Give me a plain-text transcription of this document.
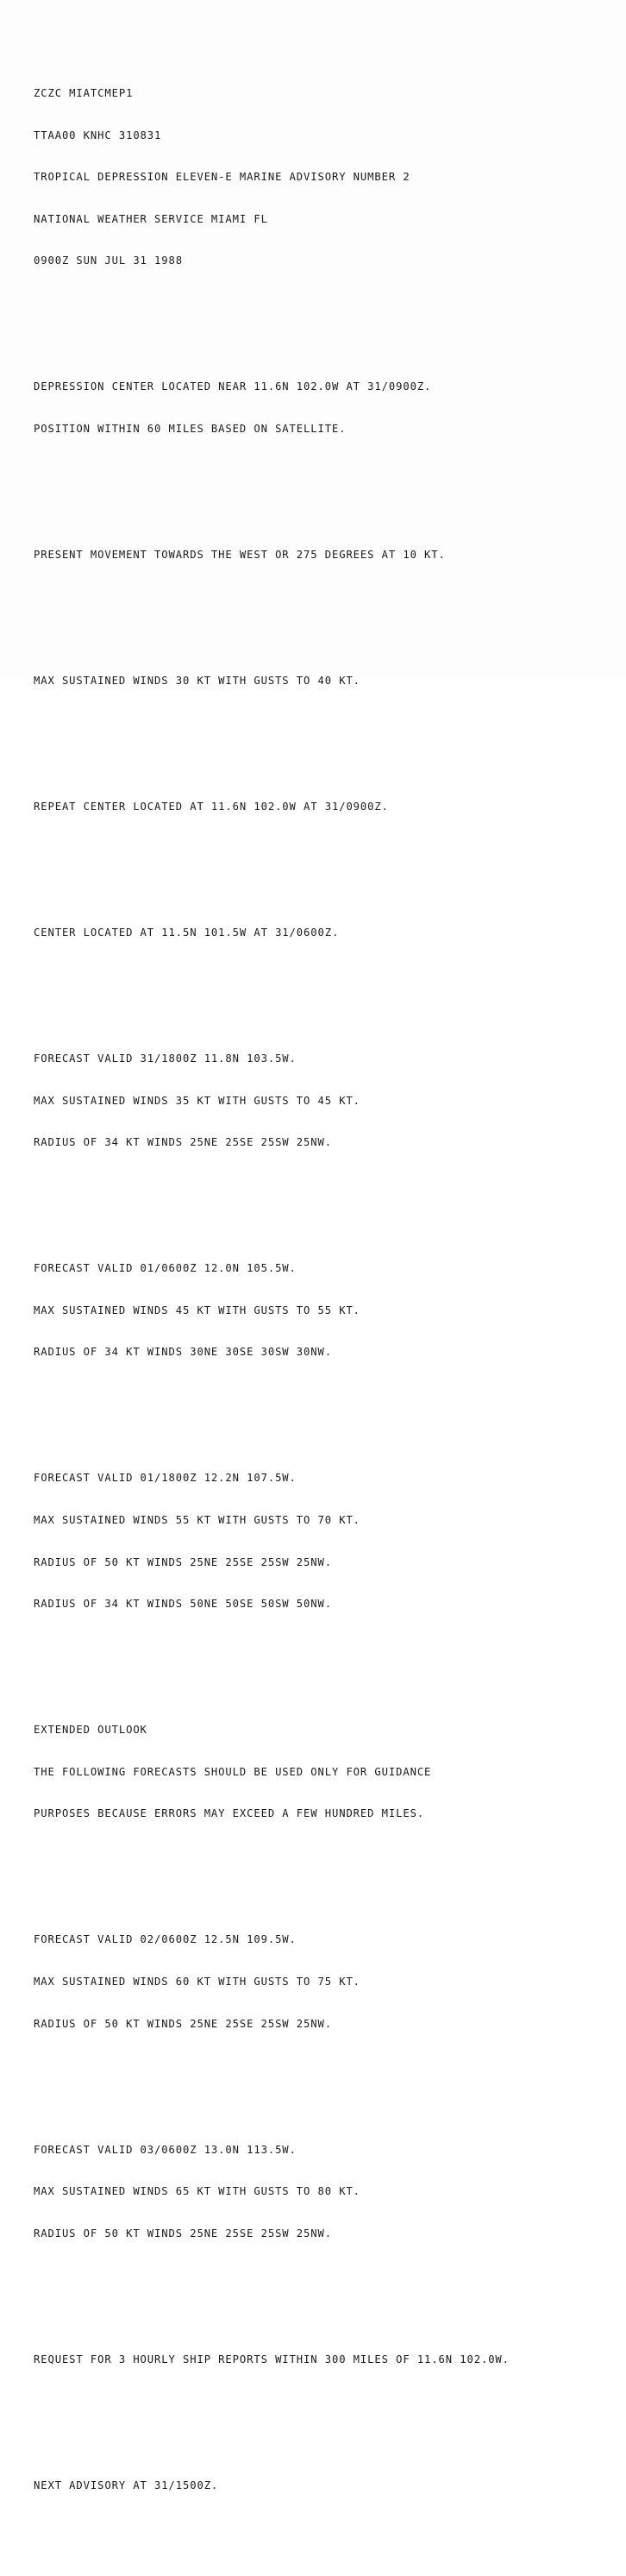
ZCZC MIATCMEP1

TTAA00 KNHC 310831

TROPICAL DEPRESSION ELEVEN-E MARINE ADVISORY NUMBER 2

NATIONAL WEATHER SERVICE MIAMI FL

0900Z SUN JUL 31 1988

DEPRESSION CENTER LOCATED NEAR 11.6N 102.0W AT 31/0900Z.

POSITION WITHIN 60 MILES BASED ON SATELLITE.

PRESENT MOVEMENT TOWARDS THE WEST OR 275 DEGREES AT 10 KT.

MAX SUSTAINED WINDS 30 KT WITH GUSTS TO 40 KT.

REPEAT CENTER LOCATED AT 11.6N 102.0W AT 31/0900Z.

CENTER LOCATED AT 11.5N 101.5W AT 31/0600Z.

FORECAST VALID 31/1800Z 11.8N 103.5W.

MAX SUSTAINED WINDS 35 KT WITH GUSTS TO 45 KT.

RADIUS OF 34 KT WINDS 25NE 25SE 25SW 25NW.

FORECAST VALID 01/0600Z 12.0N 105.5W.

MAX SUSTAINED WINDS 45 KT WITH GUSTS TO 55 KT.

RADIUS OF 34 KT WINDS 30NE 30SE 30SW 30NW.

FORECAST VALID 01/1800Z 12.2N 107.5W.

MAX SUSTAINED WINDS 55 KT WITH GUSTS TO 70 KT.

RADIUS OF 50 KT WINDS 25NE 25SE 25SW 25NW.

RADIUS OF 34 KT WINDS 50NE 50SE 50SW 50NW.

EXTENDED OUTLOOK

THE FOLLOWING FORECASTS SHOULD BE USED ONLY FOR GUIDANCE

PURPOSES BECAUSE ERRORS MAY EXCEED A FEW HUNDRED MILES.

FORECAST VALID 02/0600Z 12.5N 109.5W.

MAX SUSTAINED WINDS 60 KT WITH GUSTS TO 75 KT.

RADIUS OF 50 KT WINDS 25NE 25SE 25SW 25NW.

FORECAST VALID 03/0600Z 13.0N 113.5W.

MAX SUSTAINED WINDS 65 KT WITH GUSTS TO 80 KT.

RADIUS OF 50 KT WINDS 25NE 25SE 25SW 25NW.

REQUEST FOR 3 HOURLY SHIP REPORTS WITHIN 300 MILES OF 11.6N 102.0W.

NEXT ADVISORY AT 31/1500Z.
